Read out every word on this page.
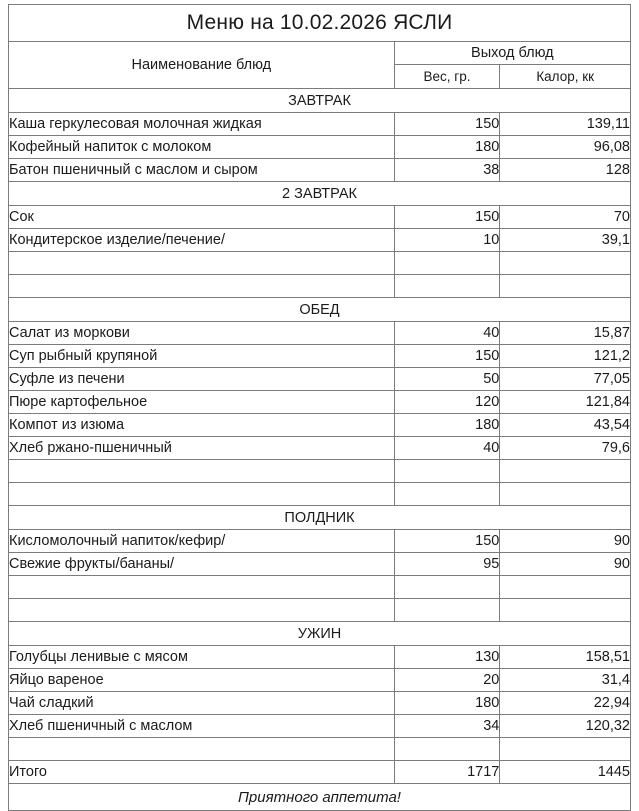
Меню на 10.02.2026 ЯСЛИ		
Наименование блюд	Выход блюд	
	Вес, гр.	Калор, кк
ЗАВТРАК		
Каша геркулесовая молочная жидкая	150	139,11
Кофейный напиток с молоком	180	96,08
Батон пшеничный с маслом и сыром	38	128
2 ЗАВТРАК		
Сок	150	70
Кондитерское изделие/печение/	10	39,1

ОБЕД		
Салат из моркови	40	15,87
Суп рыбный крупяной	150	121,2
Суфле из печени	50	77,05
Пюре картофельное	120	121,84
Компот из изюма	180	43,54
Хлеб ржано-пшеничный	40	79,6

ПОЛДНИК		
Кисломолочный напиток/кефир/	150	90
Свежие фрукты/бананы/	95	90

УЖИН		
Голубцы ленивые с мясом	130	158,51
Яйцо вареное	20	31,4
Чай сладкий	180	22,94
Хлеб пшеничный с маслом	34	120,32

Итого	1717	1445
Приятного аппетита!		
